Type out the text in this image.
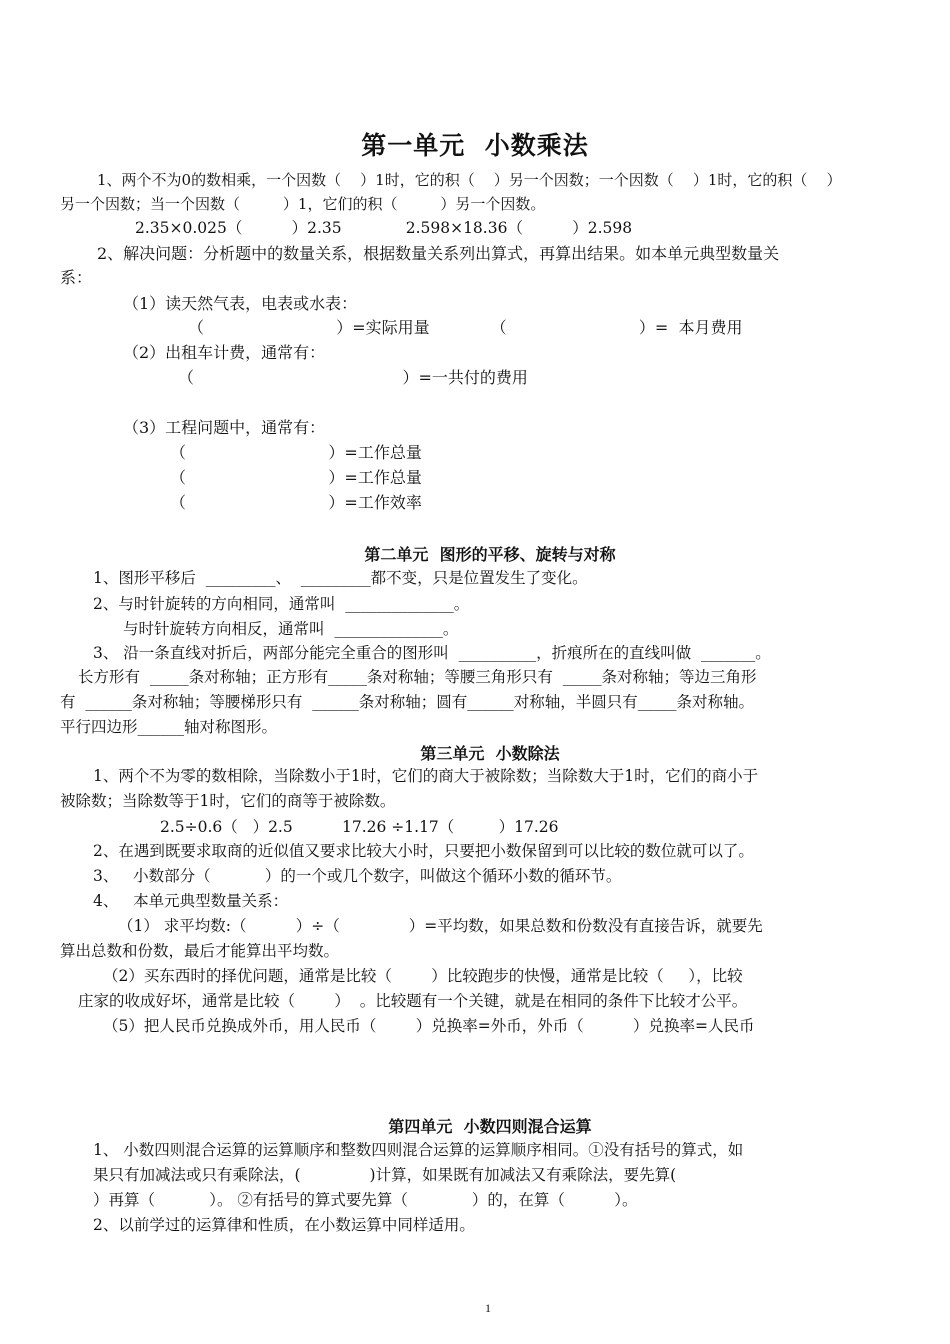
第一单元  小数乘法
1、两个不为0的数相乘，一个因数（    ）1时，它的积（    ）另一个因数；一个因数（    ）1时，它的积（    ）
另一个因数；当一个因数（         ）1，它们的积（         ）另一个因数。
2.35×0.025（          ）2.35             2.598×18.36（          ）2.598
2、解决问题：分析题中的数量关系，根据数量关系列出算式，再算出结果。如本单元典型数量关
系：
（1）读天然气表，电表或水表：
（                          ）=实际用量            （                          ）=  本月费用
（2）出租车计费，通常有：
（                                         ）=一共付的费用
（3）工程问题中，通常有：
（                            ）=工作总量
（                            ）=工作总量
（                            ）=工作效率
第二单元  图形的平移、旋转与对称
1、图形平移后  _________、  _________都不变，只是位置发生了变化。
2、与时针旋转的方向相同，通常叫  ______________。
与时针旋转方向相反，通常叫  ______________。
3、 沿一条直线对折后，两部分能完全重合的图形叫  __________，折痕所在的直线叫做  _______。
长方形有  _____条对称轴；正方形有_____条对称轴；等腰三角形只有  _____条对称轴；等边三角形
有  ______条对称轴；等腰梯形只有  ______条对称轴；圆有______对称轴，半圆只有_____条对称轴。
平行四边形______轴对称图形。
第三单元  小数除法
1、两个不为零的数相除，当除数小于1时，它们的商大于被除数；当除数大于1时，它们的商小于
被除数；当除数等于1时，它们的商等于被除数。
2.5÷0.6（   ）2.5          17.26 ÷1.17（         ）17.26
2、在遇到既要求取商的近似值又要求比较大小时，只要把小数保留到可以比较的数位就可以了。
3、   小数部分（           ）的一个或几个数字，叫做这个循环小数的循环节。
4、   本单元典型数量关系：
（1） 求平均数:（          ）÷（              ）=平均数，如果总数和份数没有直接告诉，就要先
算出总数和份数，最后才能算出平均数。
（2）买东西时的择优问题，通常是比较（        ）比较跑步的快慢，通常是比较（     ），比较
庄家的收成好坏，通常是比较（        ）  。比较题有一个关键，就是在相同的条件下比较才公平。
（5）把人民币兑换成外币，用人民币（        ）兑换率=外币，外币（          ）兑换率=人民币
第四单元  小数四则混合运算
1、 小数四则混合运算的运算顺序和整数四则混合运算的运算顺序相同。①没有括号的算式，如
果只有加减法或只有乘除法，(              )计算，如果既有加减法又有乘除法，要先算(
）再算（           ）。 ②有括号的算式要先算（             ）的，在算（          ）。
2、以前学过的运算律和性质，在小数运算中同样适用。
1
